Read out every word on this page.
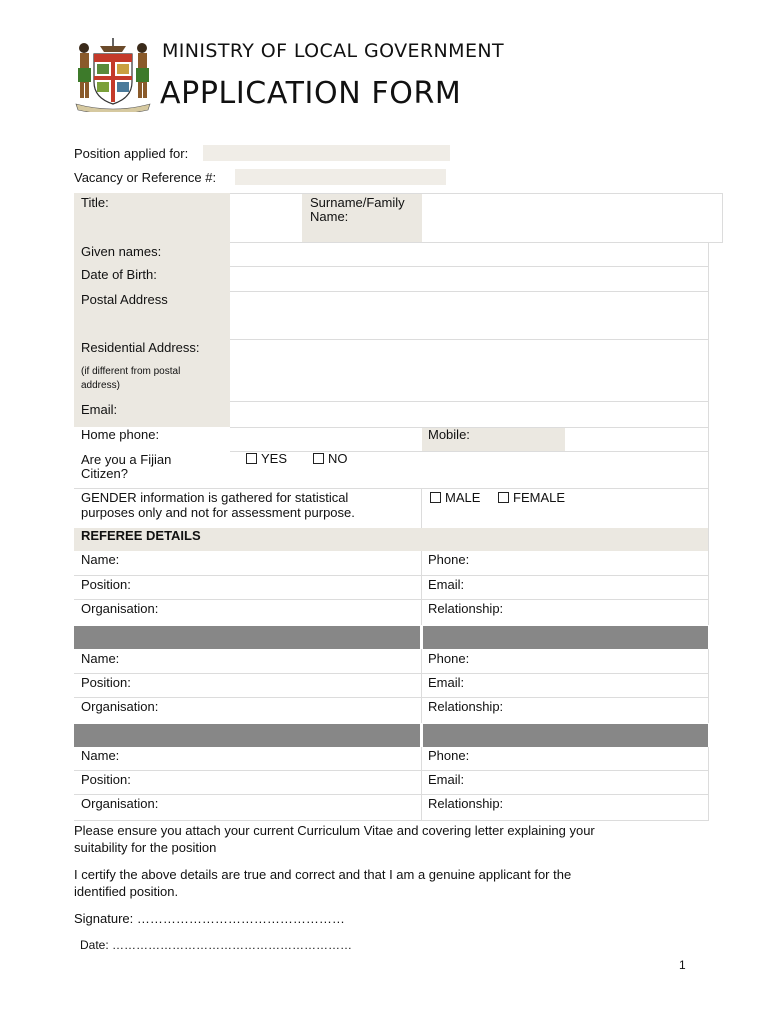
MINISTRY OF LOCAL GOVERNMENT
APPLICATION FORM
Position applied for:
Vacancy or Reference #:
Title:	Surname/Family
Name:
Given names:
Date of Birth:
Postal Address
Residential Address:
(if different from postal
address)
Email:
Home phone:	Mobile:
Are you a Fijian
Citizen?
YES	NO
GENDER information is gathered for statistical
purposes only and not for assessment purpose.
MALE	FEMALE
REFEREE DETAILS
Name:	Phone:
Position:	Email:
Organisation:	Relationship:
Name:	Phone:
Position:	Email:
Organisation:	Relationship:
Name:	Phone:
Position:	Email:
Organisation:	Relationship:
Please ensure you attach your current Curriculum Vitae and covering letter explaining your
suitability for the position
I certify the above details are true and correct and that I am a genuine applicant for the
identified position.
Signature: …………………………………………
Date: ……………………………………………………
1
